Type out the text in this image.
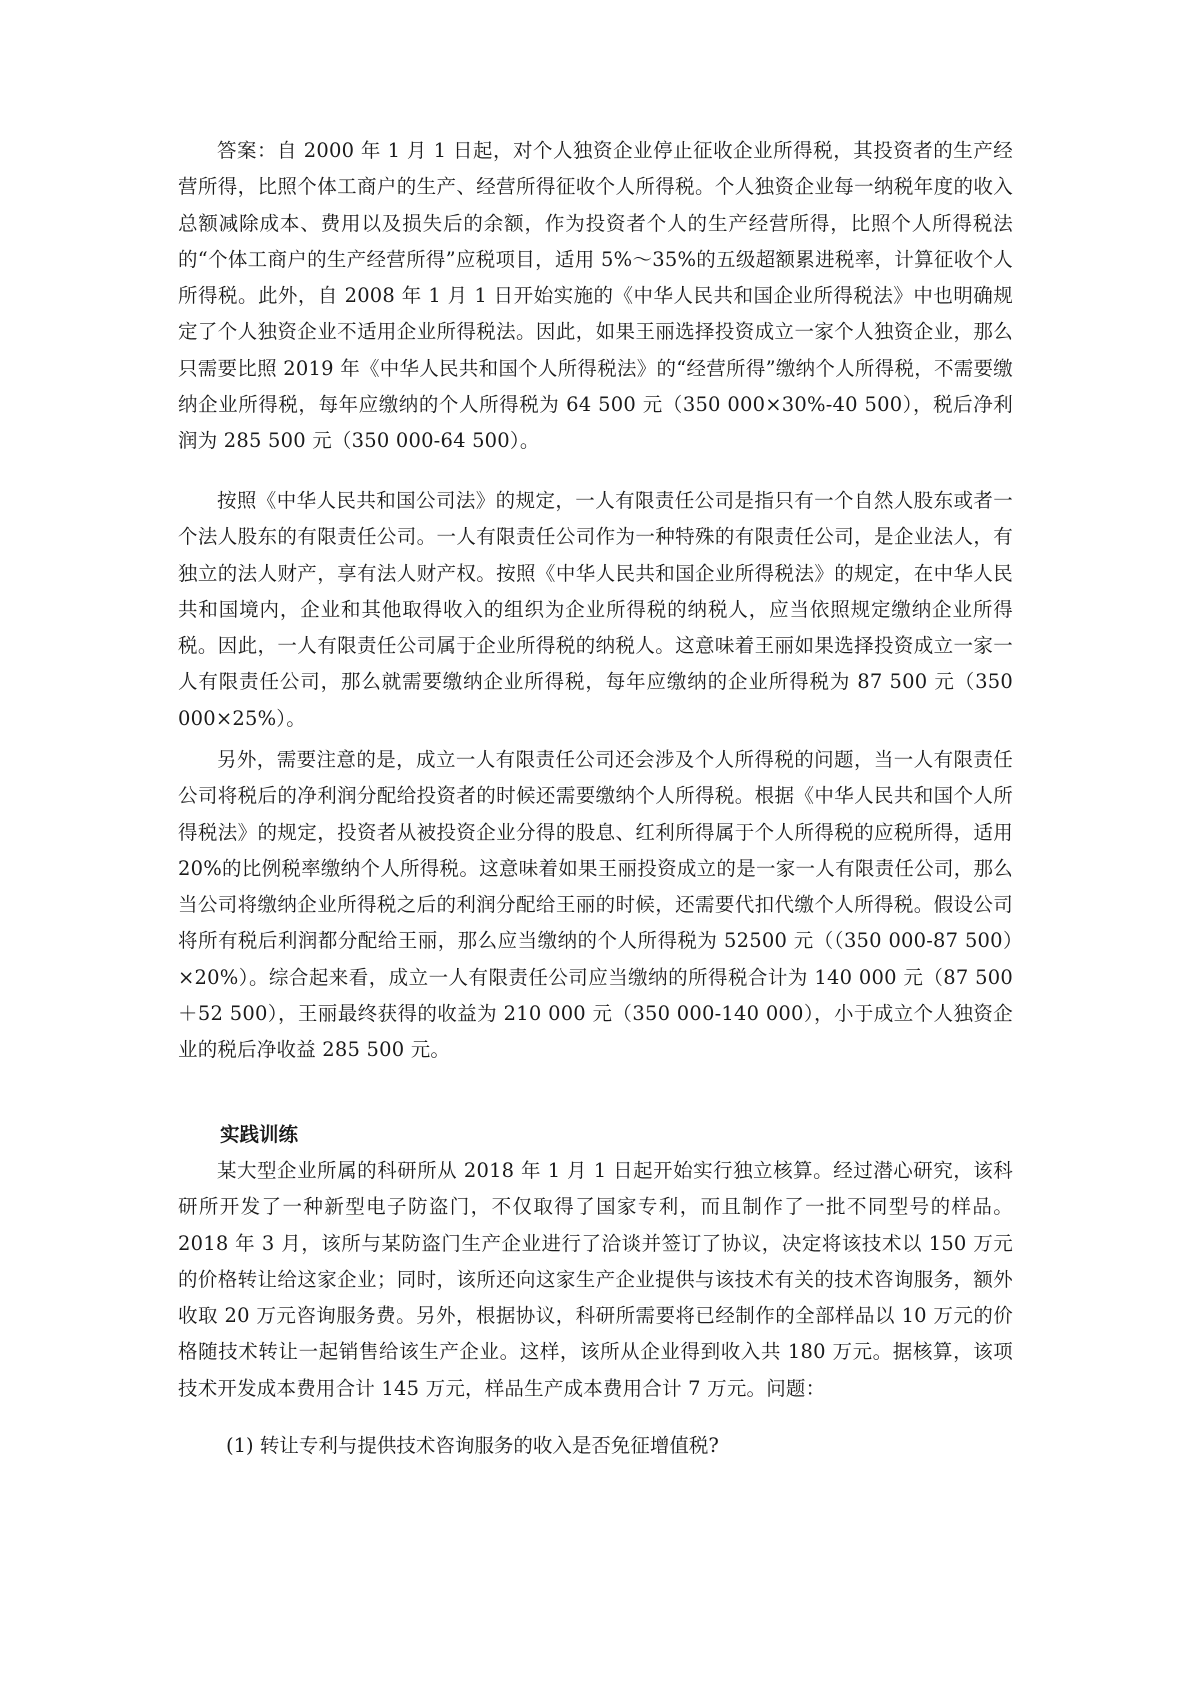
答案：自 2000 年 1 月 1 日起，对个人独资企业停止征收企业所得税，其投资者的生产经营所得，比照个体工商户的生产、经营所得征收个人所得税。个人独资企业每一纳税年度的收入总额减除成本、费用以及损失后的余额，作为投资者个人的生产经营所得，比照个人所得税法的“个体工商户的生产经营所得”应税项目，适用 5%～35%的五级超额累进税率，计算征收个人所得税。此外，自 2008 年 1 月 1 日开始实施的《中华人民共和国企业所得税法》中也明确规定了个人独资企业不适用企业所得税法。因此，如果王丽选择投资成立一家个人独资企业，那么只需要比照 2019 年《中华人民共和国个人所得税法》的“经营所得”缴纳个人所得税，不需要缴纳企业所得税，每年应缴纳的个人所得税为 64 500 元（350 000×30%-40 500），税后净利润为 285 500 元（350 000-64 500）。

按照《中华人民共和国公司法》的规定，一人有限责任公司是指只有一个自然人股东或者一个法人股东的有限责任公司。一人有限责任公司作为一种特殊的有限责任公司，是企业法人，有独立的法人财产，享有法人财产权。按照《中华人民共和国企业所得税法》的规定，在中华人民共和国境内，企业和其他取得收入的组织为企业所得税的纳税人，应当依照规定缴纳企业所得税。因此，一人有限责任公司属于企业所得税的纳税人。这意味着王丽如果选择投资成立一家一人有限责任公司，那么就需要缴纳企业所得税，每年应缴纳的企业所得税为 87 500 元（350 000×25%）。

另外，需要注意的是，成立一人有限责任公司还会涉及个人所得税的问题，当一人有限责任公司将税后的净利润分配给投资者的时候还需要缴纳个人所得税。根据《中华人民共和国个人所得税法》的规定，投资者从被投资企业分得的股息、红利所得属于个人所得税的应税所得，适用 20%的比例税率缴纳个人所得税。这意味着如果王丽投资成立的是一家一人有限责任公司，那么当公司将缴纳企业所得税之后的利润分配给王丽的时候，还需要代扣代缴个人所得税。假设公司将所有税后利润都分配给王丽，那么应当缴纳的个人所得税为 52500 元（（350 000-87 500）×20%）。综合起来看，成立一人有限责任公司应当缴纳的所得税合计为 140 000 元（87 500＋52 500），王丽最终获得的收益为 210 000 元（350 000-140 000），小于成立个人独资企业的税后净收益 285 500 元。

实践训练

某大型企业所属的科研所从 2018 年 1 月 1 日起开始实行独立核算。经过潜心研究，该科研所开发了一种新型电子防盗门，不仅取得了国家专利，而且制作了一批不同型号的样品。2018 年 3 月，该所与某防盗门生产企业进行了洽谈并签订了协议，决定将该技术以 150 万元的价格转让给这家企业；同时，该所还向这家生产企业提供与该技术有关的技术咨询服务，额外收取 20 万元咨询服务费。另外，根据协议，科研所需要将已经制作的全部样品以 10 万元的价格随技术转让一起销售给该生产企业。这样，该所从企业得到收入共 180 万元。据核算，该项技术开发成本费用合计 145 万元，样品生产成本费用合计 7 万元。问题：

(1) 转让专利与提供技术咨询服务的收入是否免征增值税?
